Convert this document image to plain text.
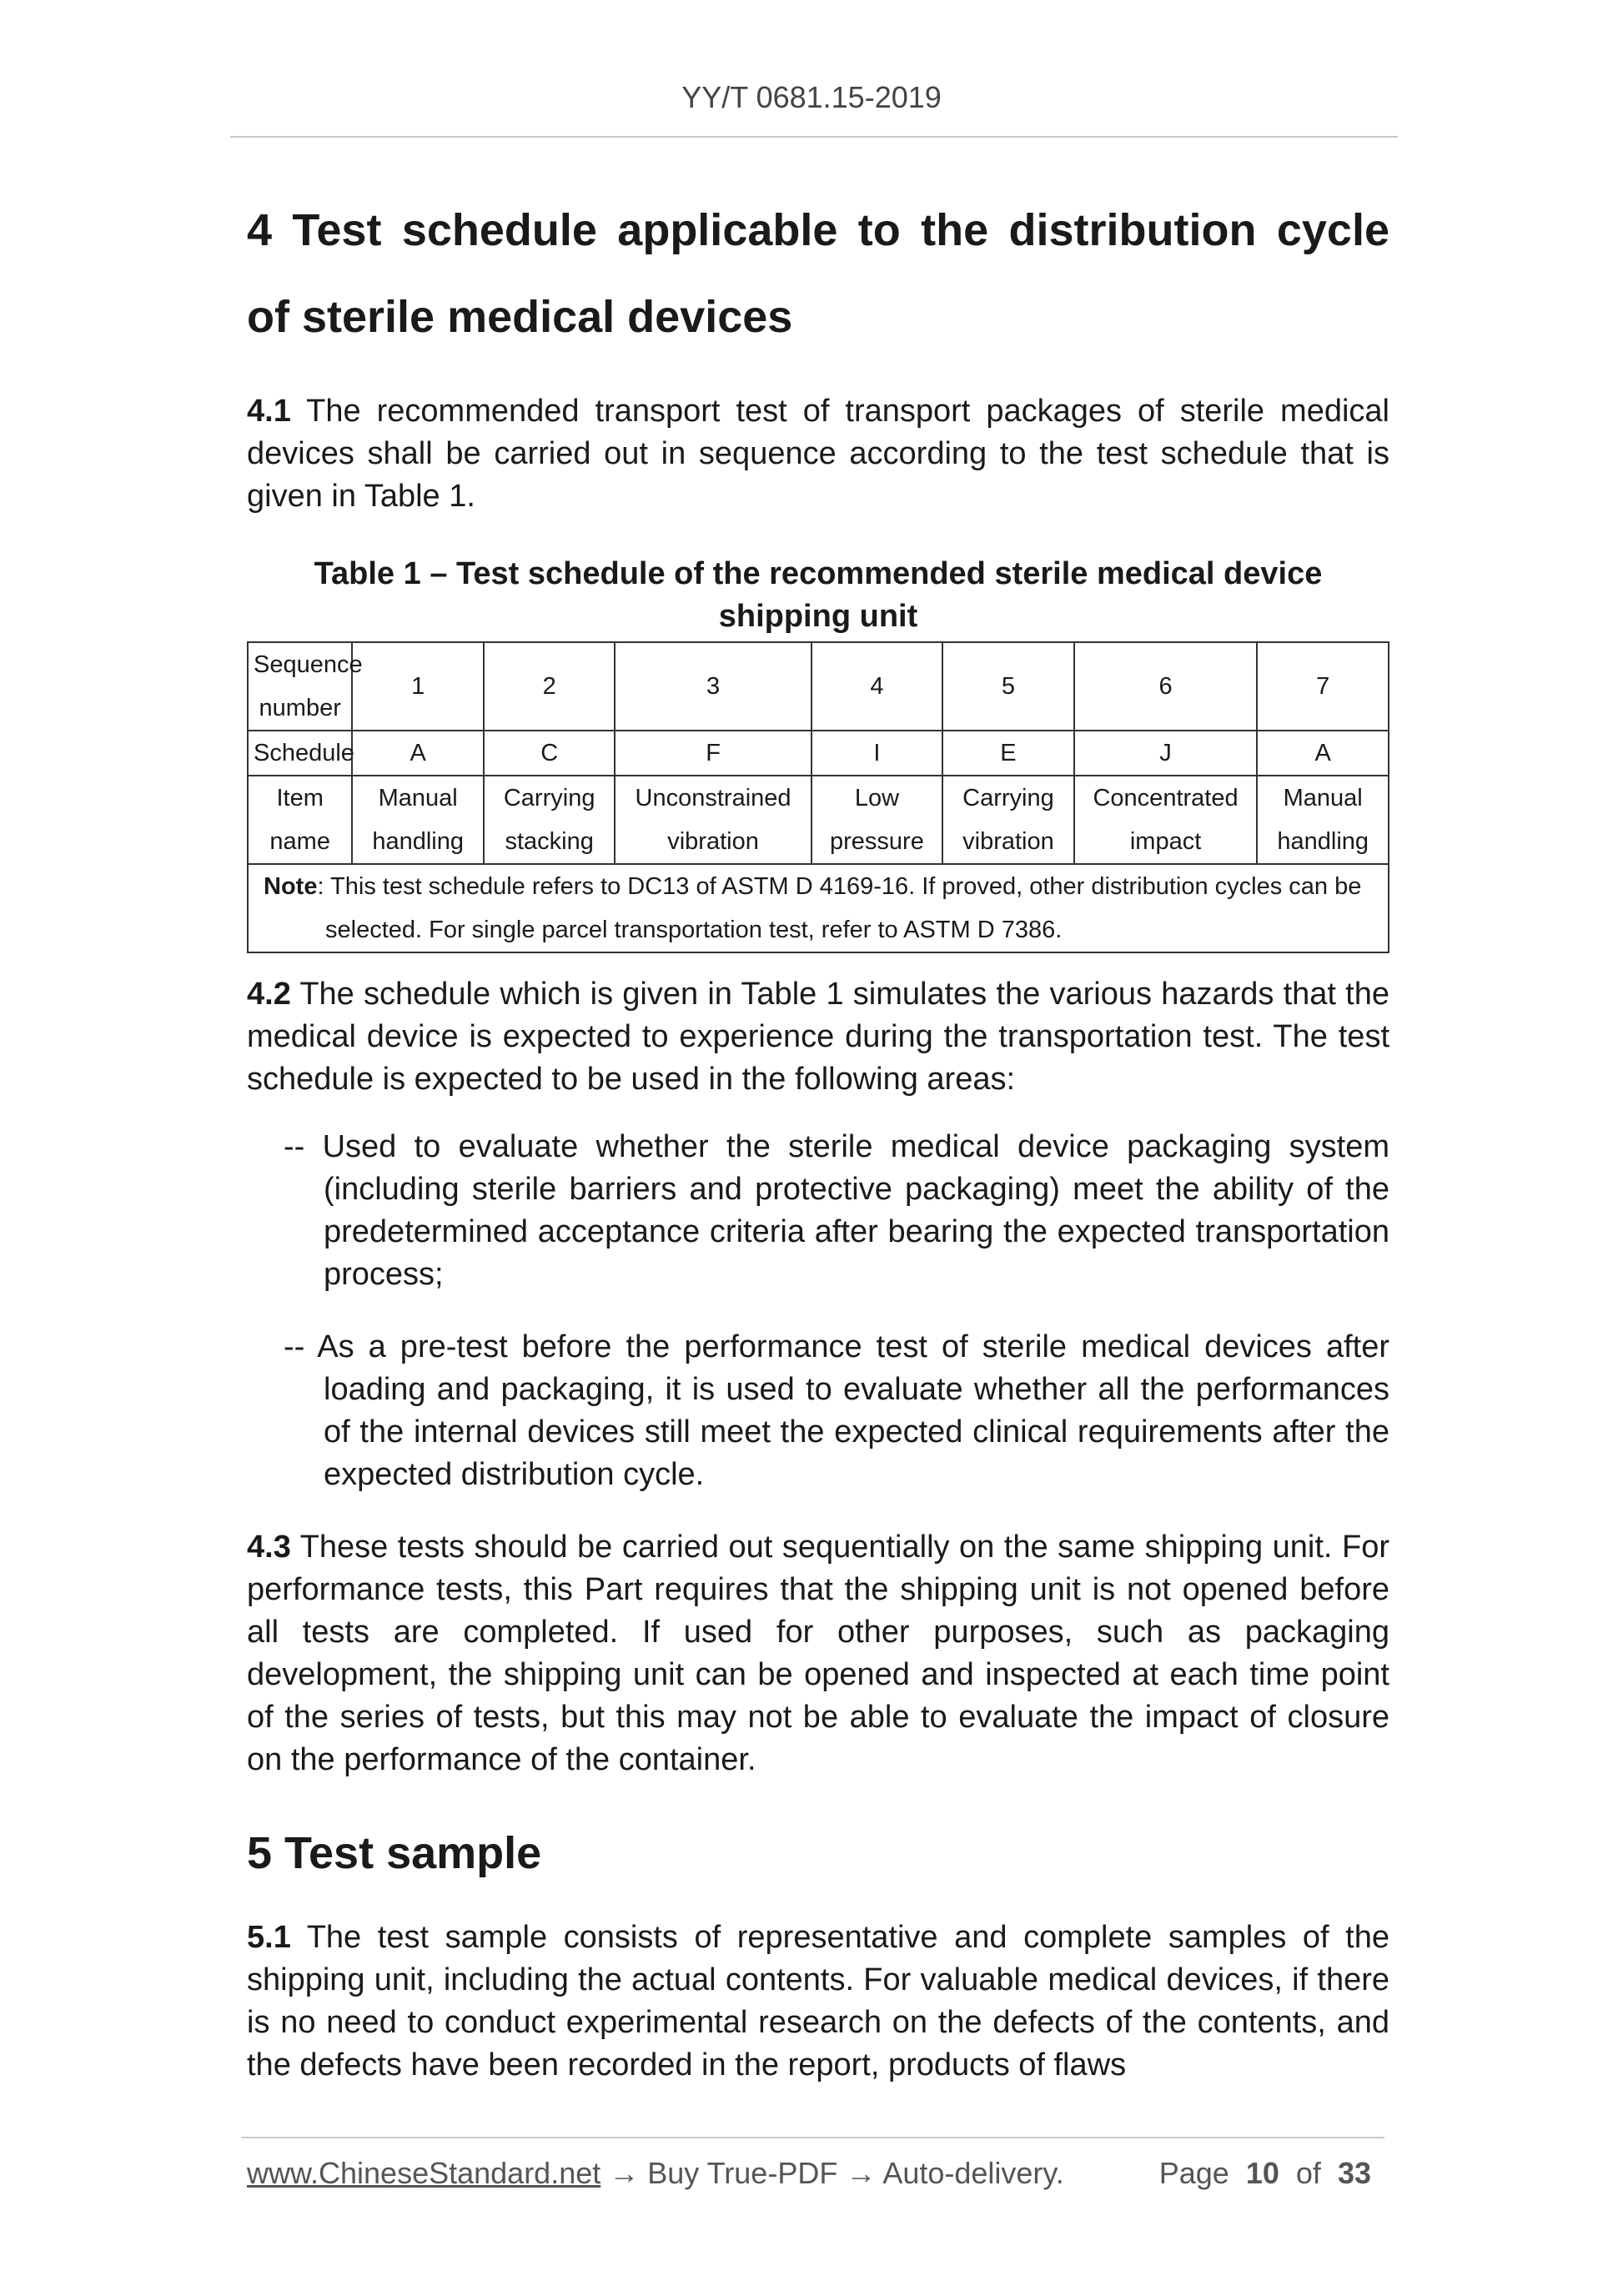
YY/T 0681.15-2019
4 Test schedule applicable to the distribution cycle of sterile medical devices

4.1 The recommended transport test of transport packages of sterile medical devices shall be carried out in sequence according to the test schedule that is given in Table 1.

Table 1 – Test schedule of the recommended sterile medical device shipping unit
Sequence number	1	2	3	4	5	6	7
Schedule	A	C	F	I	E	J	A
Item name	Manual handling	Carrying stacking	Unconstrained vibration	Low pressure	Carrying vibration	Concentrated impact	Manual handling

Note: This test schedule refers to DC13 of ASTM D 4169-16. If proved, other distribution cycles can be
selected. For single parcel transportation test, refer to ASTM D 7386.							

4.2 The schedule which is given in Table 1 simulates the various hazards that the medical device is expected to experience during the transportation test. The test schedule is expected to be used in the following areas:

-- Used to evaluate whether the sterile medical device packaging system (including sterile barriers and protective packaging) meet the ability of the predetermined acceptance criteria after bearing the expected transportation process;

-- As a pre-test before the performance test of sterile medical devices after loading and packaging, it is used to evaluate whether all the performances of the internal devices still meet the expected clinical requirements after the expected distribution cycle.

4.3 These tests should be carried out sequentially on the same shipping unit. For performance tests, this Part requires that the shipping unit is not opened before all tests are completed. If used for other purposes, such as packaging development, the shipping unit can be opened and inspected at each time point of the series of tests, but this may not be able to evaluate the impact of closure on the performance of the container.

5 Test sample

5.1 The test sample consists of representative and complete samples of the shipping unit, including the actual contents. For valuable medical devices, if there is no need to conduct experimental research on the defects of the contents, and the defects have been recorded in the report, products of flaws

www.ChineseStandard.net → Buy True-PDF → Auto-delivery.	Page 10 of 33
